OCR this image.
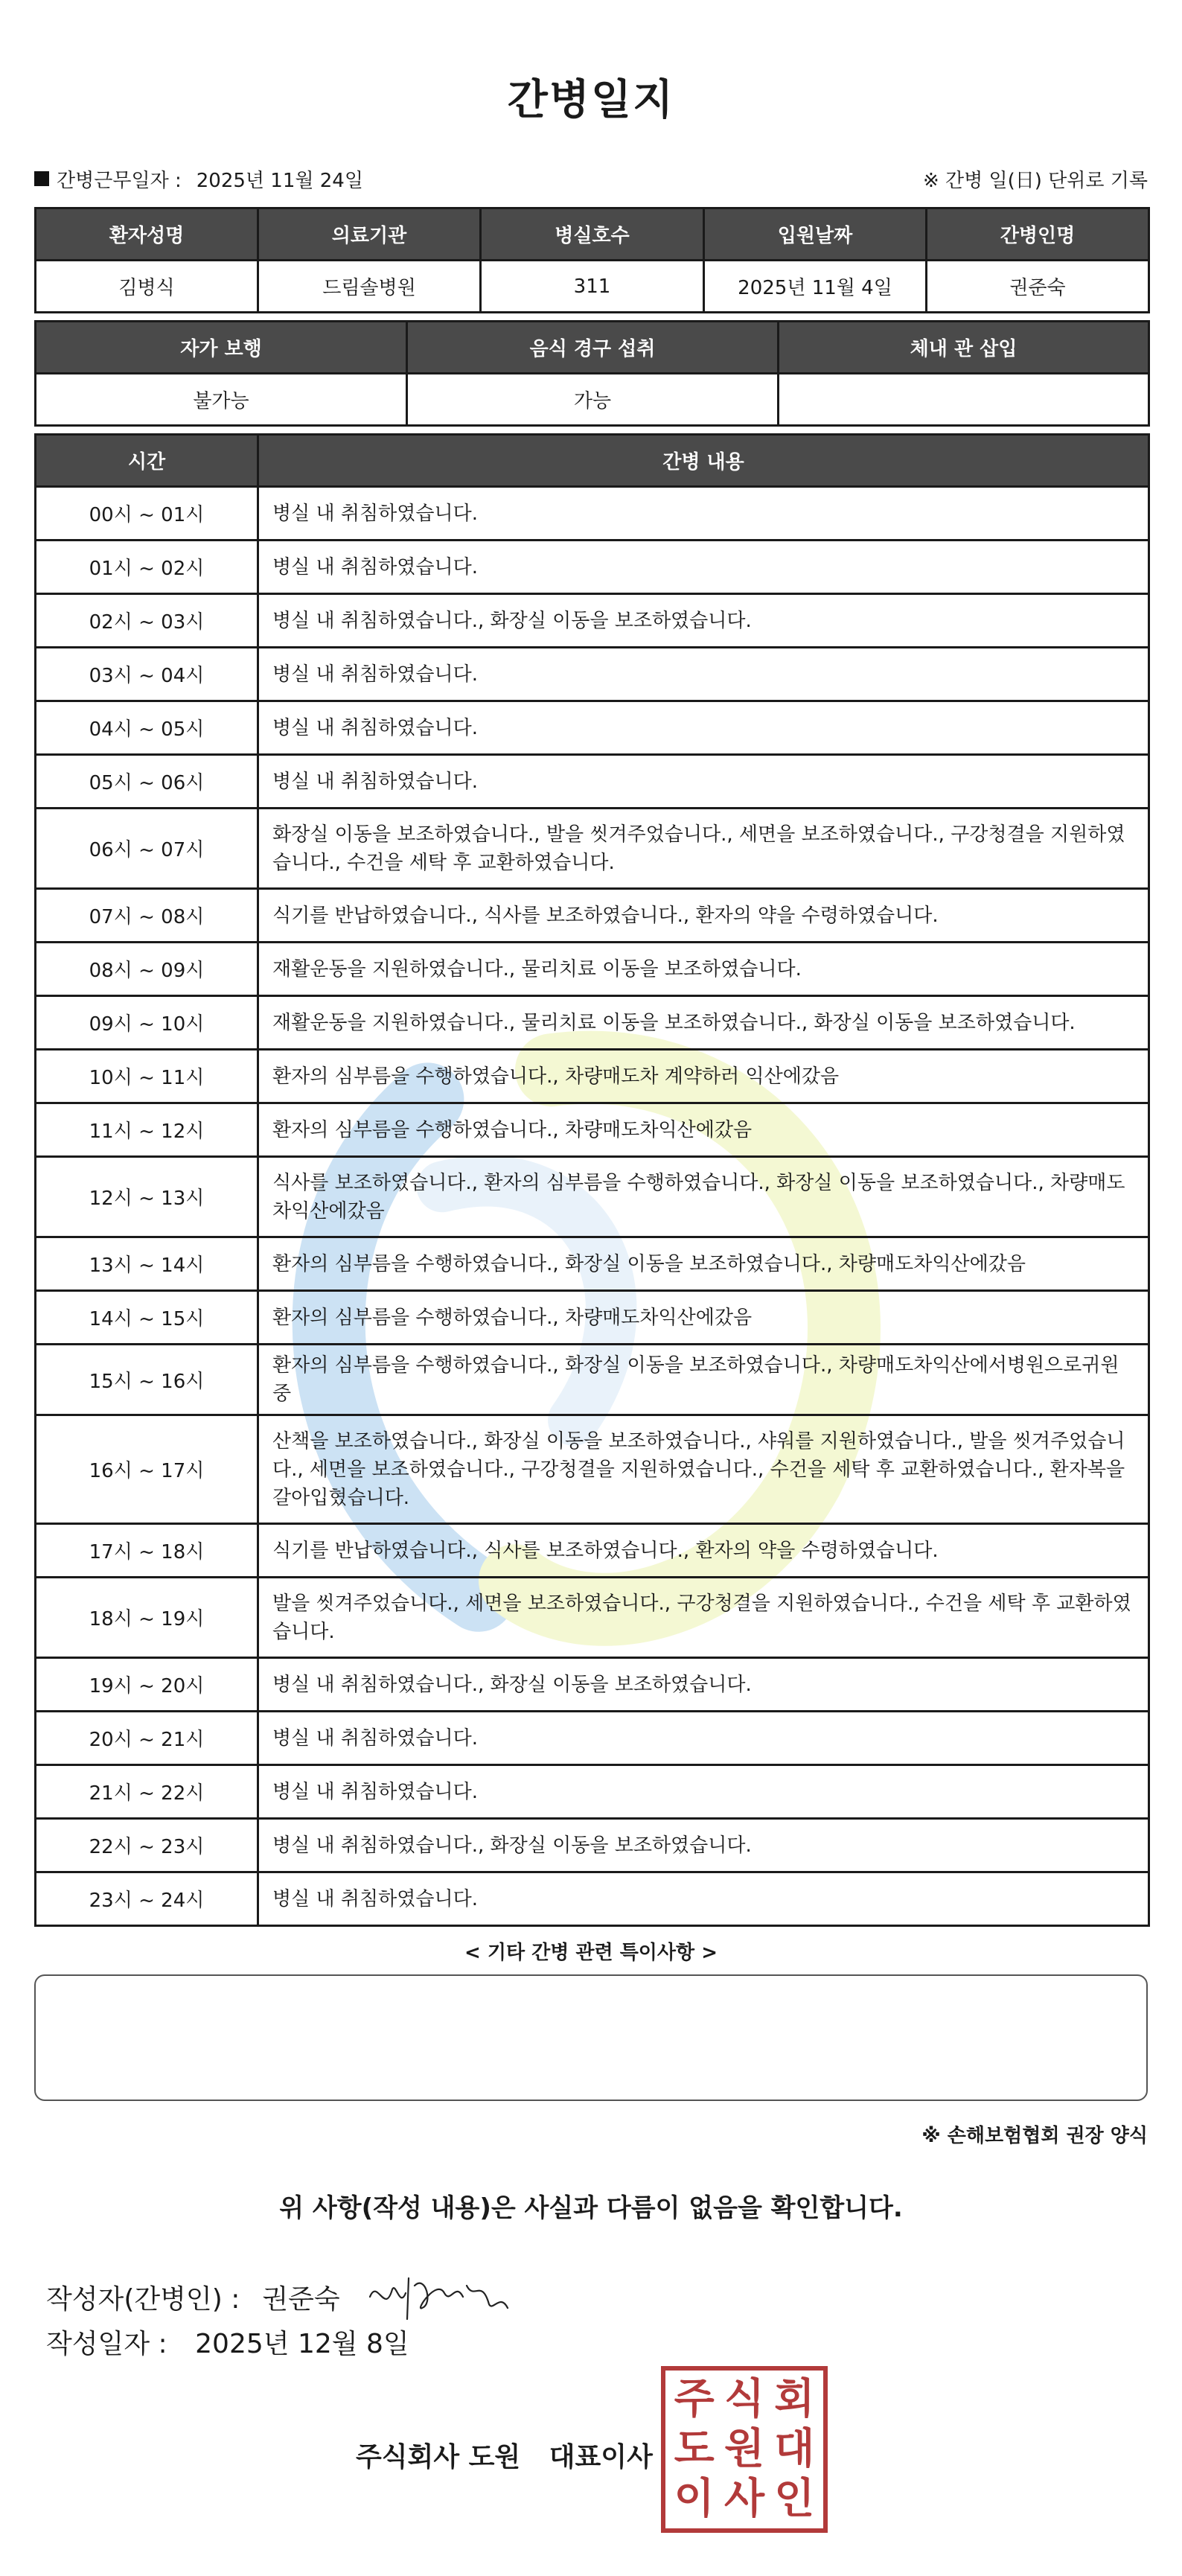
간병일지
간병근무일자 : 2025년 11월 24일	※ 간병 일(日) 단위로 기록
환자성명	의료기관	병실호수	입원날짜	간병인명
김병식	드림솔병원	311	2025년 11월 4일	권준숙
자가 보행	음식 경구 섭취	체내 관 삽입
불가능	가능	
시간	간병 내용
00시 ~ 01시	병실 내 취침하였습니다.
01시 ~ 02시	병실 내 취침하였습니다.
02시 ~ 03시	병실 내 취침하였습니다., 화장실 이동을 보조하였습니다.
03시 ~ 04시	병실 내 취침하였습니다.
04시 ~ 05시	병실 내 취침하였습니다.
05시 ~ 06시	병실 내 취침하였습니다.
06시 ~ 07시	화장실 이동을 보조하였습니다., 발을 씻겨주었습니다., 세면을 보조하였습니다., 구강청결을 지원하였습니다., 수건을 세탁 후 교환하였습니다.
07시 ~ 08시	식기를 반납하였습니다., 식사를 보조하였습니다., 환자의 약을 수령하였습니다.
08시 ~ 09시	재활운동을 지원하였습니다., 물리치료 이동을 보조하였습니다.
09시 ~ 10시	재활운동을 지원하였습니다., 물리치료 이동을 보조하였습니다., 화장실 이동을 보조하였습니다.
10시 ~ 11시	환자의 심부름을 수행하였습니다., 차량매도차 계약하러 익산에갔음
11시 ~ 12시	환자의 심부름을 수행하였습니다., 차량매도차익산에갔음
12시 ~ 13시	식사를 보조하였습니다., 환자의 심부름을 수행하였습니다., 화장실 이동을 보조하였습니다., 차량매도차익산에갔음
13시 ~ 14시	환자의 심부름을 수행하였습니다., 화장실 이동을 보조하였습니다., 차량매도차익산에갔음
14시 ~ 15시	환자의 심부름을 수행하였습니다., 차량매도차익산에갔음
15시 ~ 16시	환자의 심부름을 수행하였습니다., 화장실 이동을 보조하였습니다., 차량매도차익산에서병원으로귀원중
16시 ~ 17시	산책을 보조하였습니다., 화장실 이동을 보조하였습니다., 샤워를 지원하였습니다., 발을 씻겨주었습니다., 세면을 보조하였습니다., 구강청결을 지원하였습니다., 수건을 세탁 후 교환하였습니다., 환자복을 갈아입혔습니다.
17시 ~ 18시	식기를 반납하였습니다., 식사를 보조하였습니다., 환자의 약을 수령하였습니다.
18시 ~ 19시	발을 씻겨주었습니다., 세면을 보조하였습니다., 구강청결을 지원하였습니다., 수건을 세탁 후 교환하였습니다.
19시 ~ 20시	병실 내 취침하였습니다., 화장실 이동을 보조하였습니다.
20시 ~ 21시	병실 내 취침하였습니다.
21시 ~ 22시	병실 내 취침하였습니다.
22시 ~ 23시	병실 내 취침하였습니다., 화장실 이동을 보조하였습니다.
23시 ~ 24시	병실 내 취침하였습니다.
< 기타 간병 관련 특이사항 >
※ 손해보험협회 권장 양식
위 사항(작성 내용)은 사실과 다름이 없음을 확인합니다.
작성자(간병인) : 권준숙
작성일자 : 2025년 12월 8일
주식회사 도원 대표이사
주 식 회
도 원 대
이 사 인
